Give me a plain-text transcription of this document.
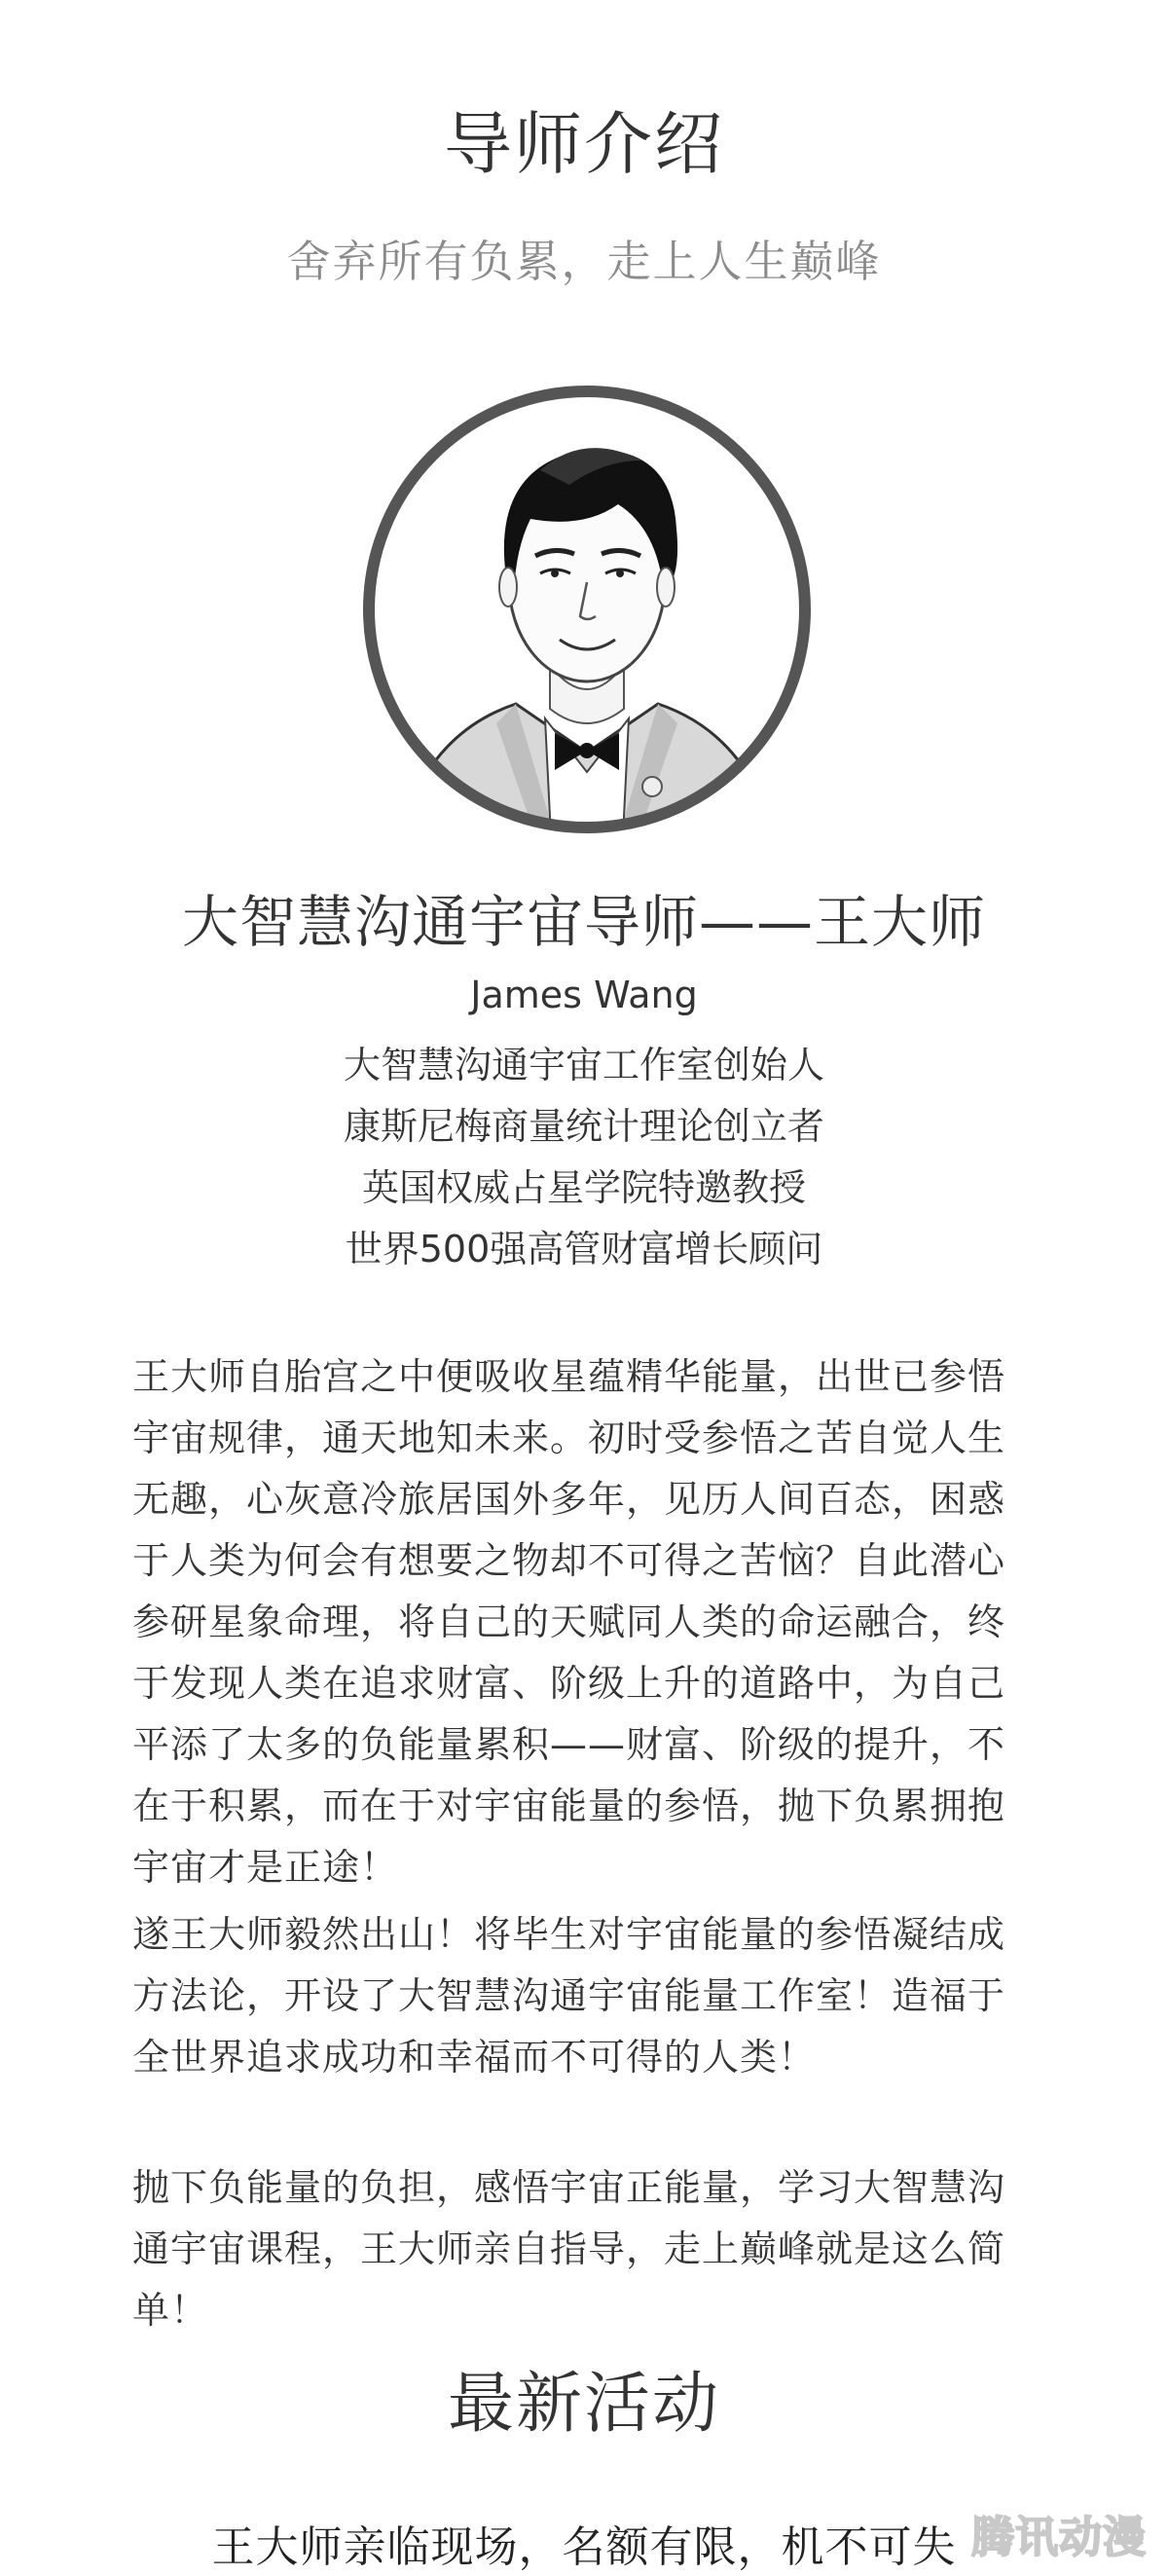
导师介绍
舍弃所有负累，走上人生巅峰
大智慧沟通宇宙导师——王大师
James Wang
大智慧沟通宇宙工作室创始人
康斯尼梅商量统计理论创立者
英国权威占星学院特邀教授
世界500强高管财富增长顾问
王大师自胎宫之中便吸收星蕴精华能量，出世已参悟宇宙规律，通天地知未来。初时受参悟之苦自觉人生无趣，心灰意冷旅居国外多年，见历人间百态，困惑于人类为何会有想要之物却不可得之苦恼？自此潜心参研星象命理，将自己的天赋同人类的命运融合，终于发现人类在追求财富、阶级上升的道路中，为自己平添了太多的负能量累积——财富、阶级的提升，不在于积累，而在于对宇宙能量的参悟，抛下负累拥抱宇宙才是正途！
遂王大师毅然出山！将毕生对宇宙能量的参悟凝结成方法论，开设了大智慧沟通宇宙能量工作室！造福于全世界追求成功和幸福而不可得的人类！
抛下负能量的负担，感悟宇宙正能量，学习大智慧沟通宇宙课程，王大师亲自指导，走上巅峰就是这么简单！
最新活动
王大师亲临现场，名额有限，机不可失 腾讯动漫
